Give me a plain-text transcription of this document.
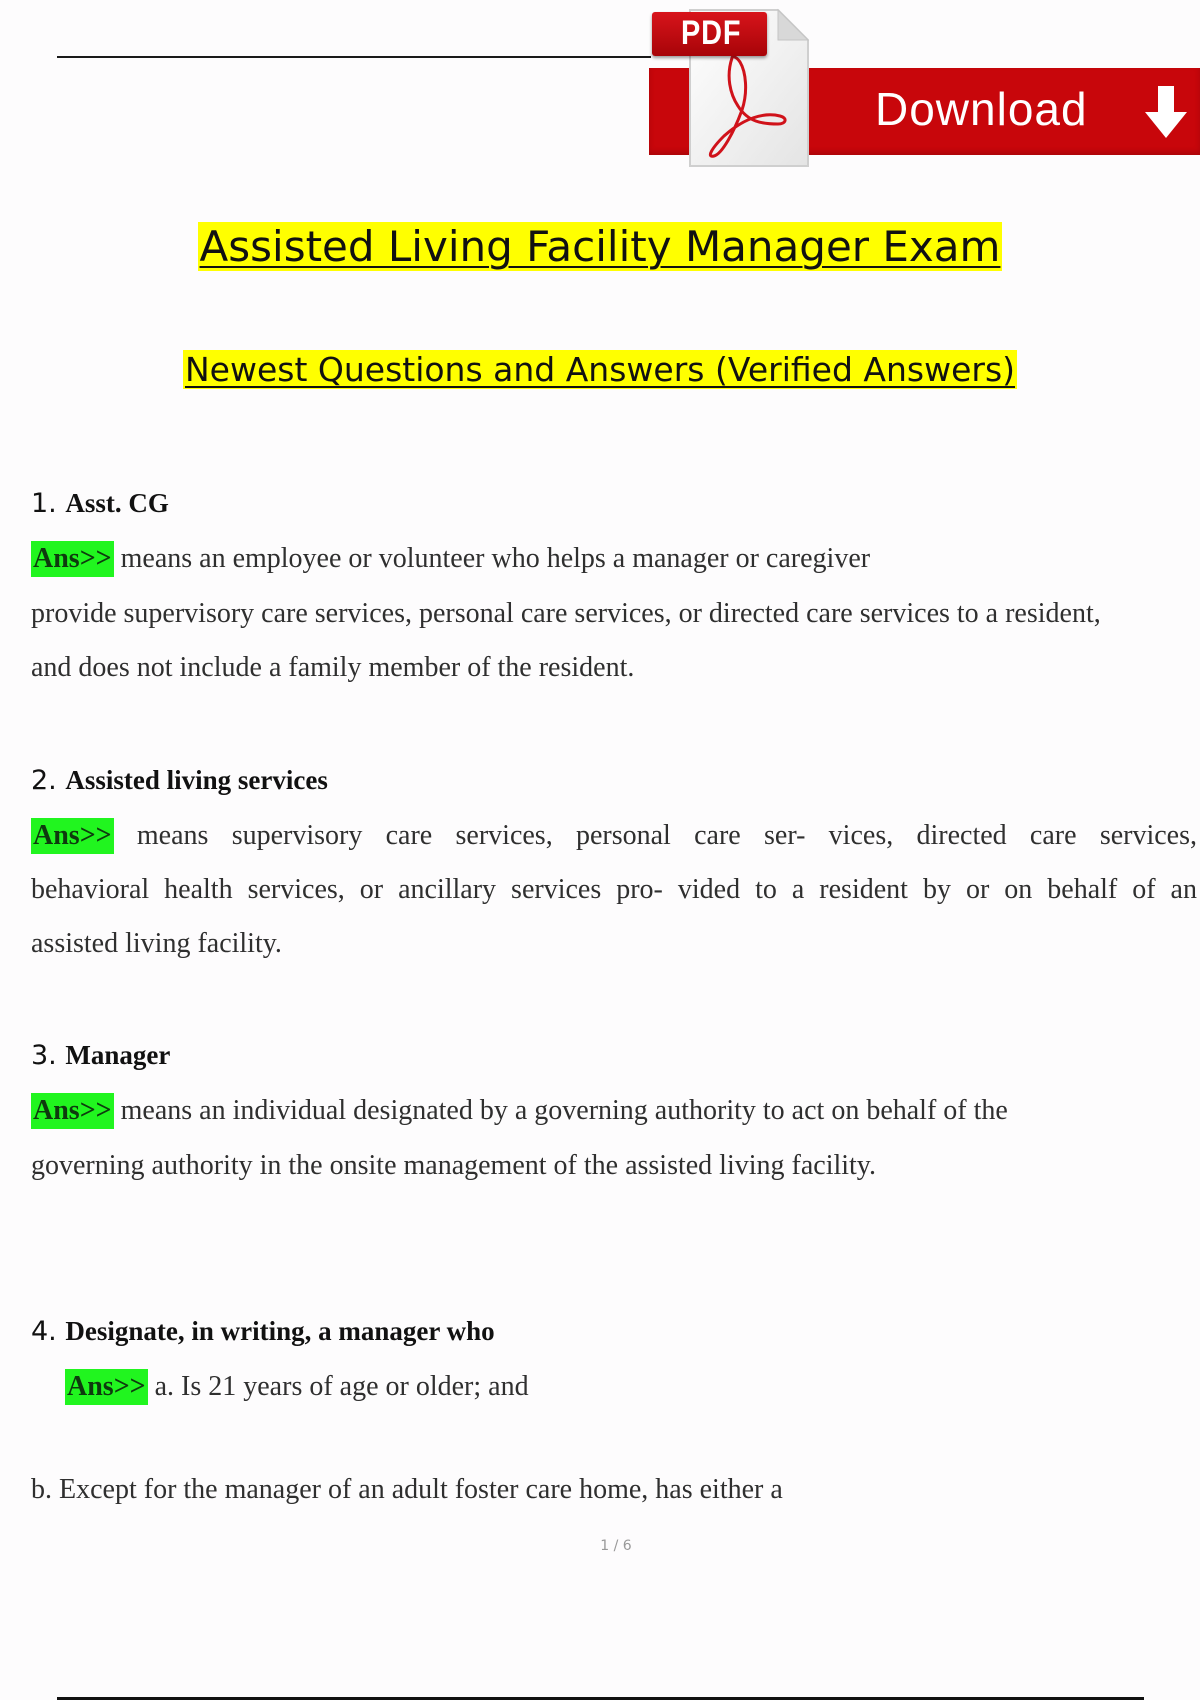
Download
PDF
Assisted Living Facility Manager Exam
Newest Questions and Answers (Verified Answers)
1. Asst. CG
Ans>> means an employee or volunteer who helps a manager or caregiver
provide supervisory care services, personal care services, or directed care services to a resident,
and does not include a family member of the resident.
2. Assisted living services
Ans>> means supervisory care services, personal care ser- vices, directed care services,
behavioral health services, or ancillary services pro- vided to a resident by or on behalf of an
assisted living facility.
3. Manager
Ans>> means an individual designated by a governing authority to act on behalf of the
governing authority in the onsite management of the assisted living facility.
4. Designate, in writing, a manager who
Ans>> a. Is 21 years of age or older; and
b. Except for the manager of an adult foster care home, has either a
1 / 6
